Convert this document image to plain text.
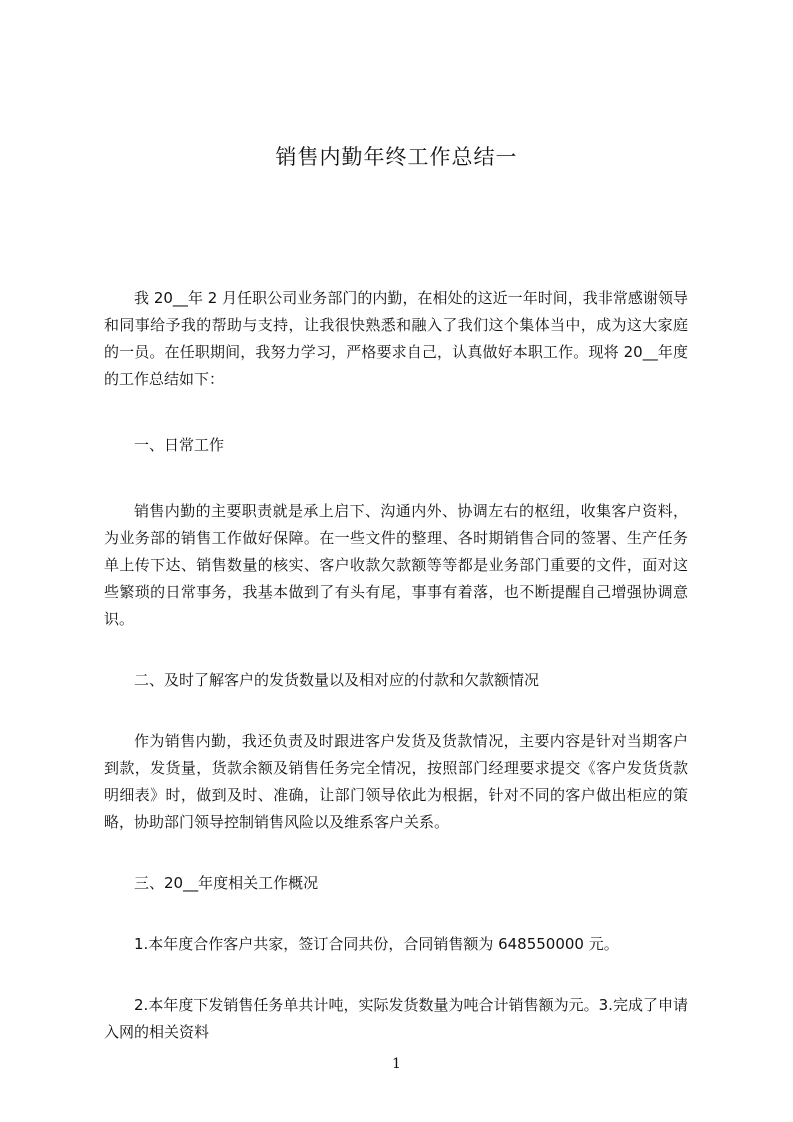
销售内勤年终工作总结一

我 20__年 2 月任职公司业务部门的内勤，在相处的这近一年时间，我非常感谢领导和同事给予我的帮助与支持，让我很快熟悉和融入了我们这个集体当中，成为这大家庭的一员。在任职期间，我努力学习，严格要求自己，认真做好本职工作。现将 20__年度的工作总结如下：

一、日常工作

销售内勤的主要职责就是承上启下、沟通内外、协调左右的枢纽，收集客户资料，为业务部的销售工作做好保障。在一些文件的整理、各时期销售合同的签署、生产任务单上传下达、销售数量的核实、客户收款欠款额等等都是业务部门重要的文件，面对这些繁琐的日常事务，我基本做到了有头有尾，事事有着落，也不断提醒自己增强协调意识。

二、及时了解客户的发货数量以及相对应的付款和欠款额情况

作为销售内勤，我还负责及时跟进客户发货及货款情况，主要内容是针对当期客户到款，发货量，货款余额及销售任务完全情况，按照部门经理要求提交《客户发货货款明细表》时，做到及时、准确，让部门领导依此为根据，针对不同的客户做出柜应的策略，协助部门领导控制销售风险以及维系客户关系。

三、20__年度相关工作概况

1.本年度合作客户共家，签订合同共份，合同销售额为 648550000 元。

2.本年度下发销售任务单共计吨，实际发货数量为吨合计销售额为元。3.完成了申请入网的相关资料

1
